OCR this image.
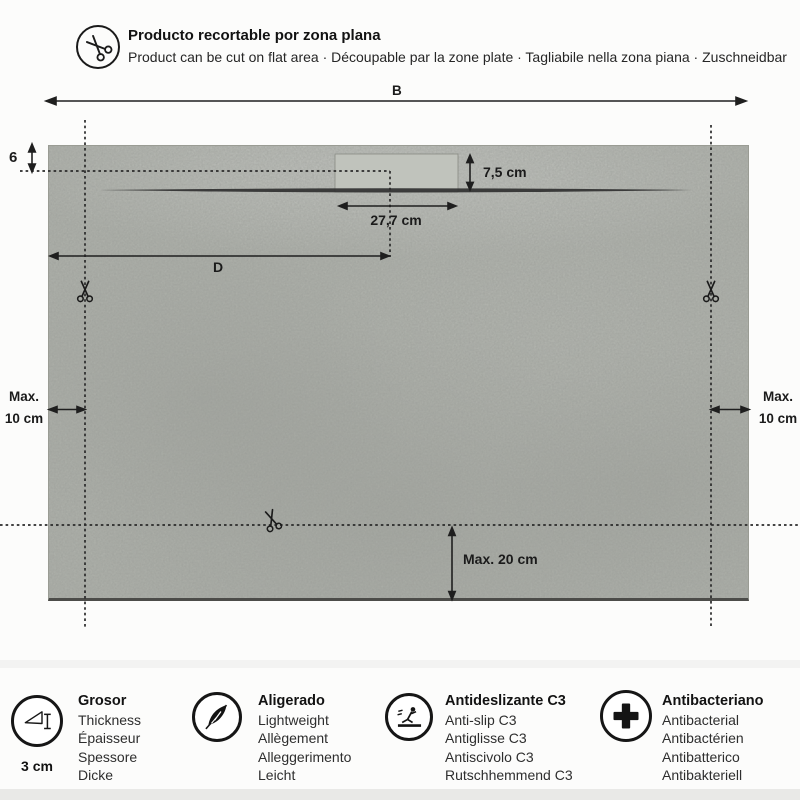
Producto recortable por zona plana
Product can be cut on flat area · Découpable par la zone plate · Tagliabile nella zona piana · Zuschneidbar
B
6
7,5 cm
27,7 cm
D
Max.
10 cm
Max.
10 cm
Max. 20 cm
3 cm
Grosor
Thickness
Épaisseur
Spessore
Dicke
Aligerado
Lightweight
Allègement
Alleggerimento
Leicht
Antideslizante C3
Anti-slip C3
Antiglisse C3
Antiscivolo C3
Rutschhemmend C3
Antibacteriano
Antibacterial
Antibactérien
Antibatterico
Antibakteriell
